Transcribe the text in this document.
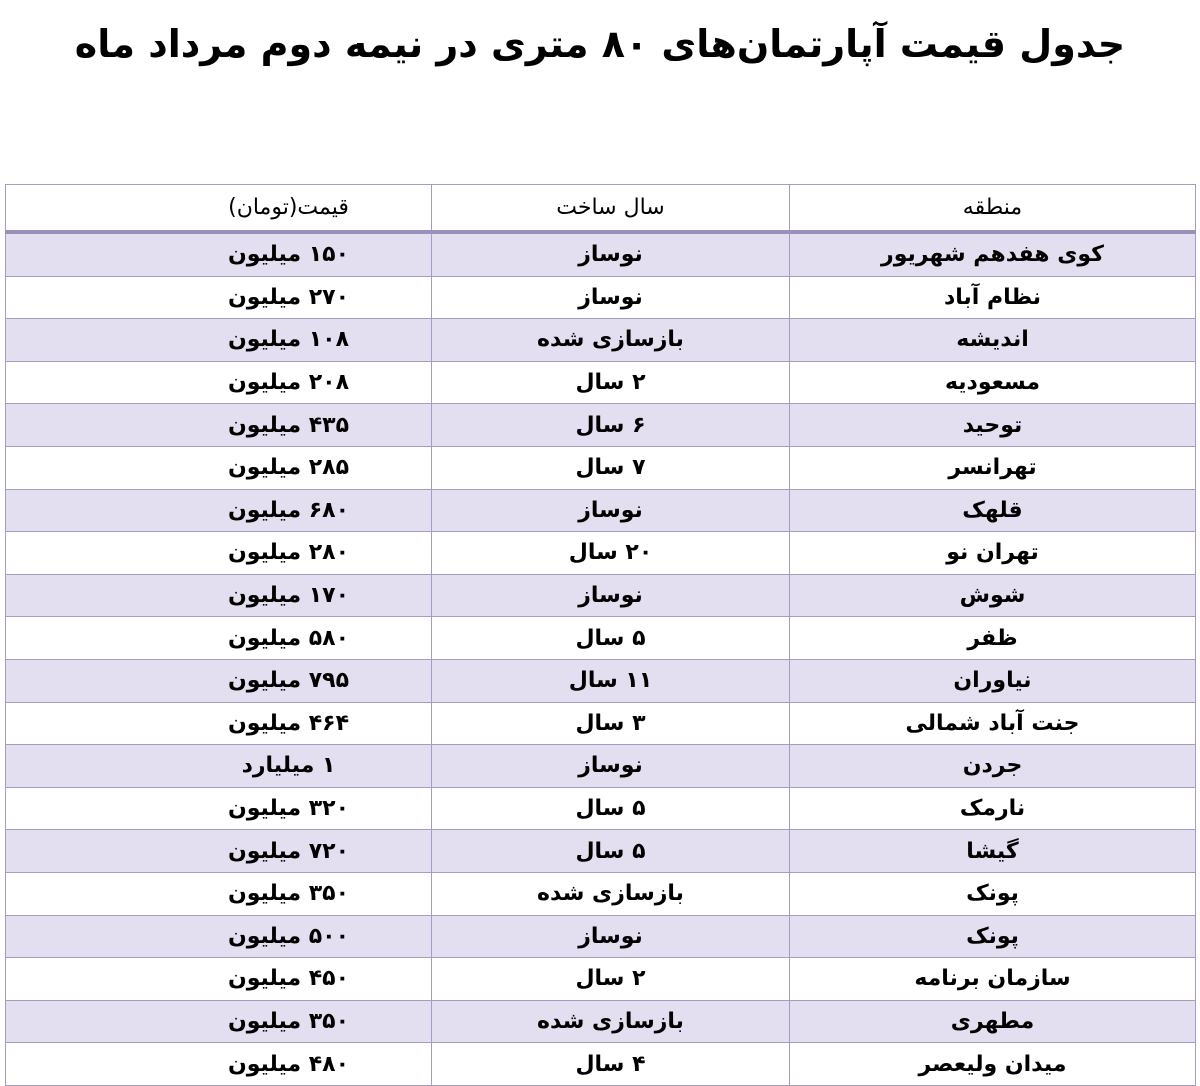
جدول قیمت آپارتمان‌های ۸۰ متری در نیمه دوم مرداد ماه
منطقه	سال ساخت	قیمت(تومان)
کوی هفدهم شهریور	نوساز	۱۵۰ میلیون
نظام آباد	نوساز	۲۷۰ میلیون
اندیشه	بازسازی شده	۱۰۸ میلیون
مسعودیه	۲ سال	۲۰۸ میلیون
توحید	۶ سال	۴۳۵ میلیون
تهرانسر	۷ سال	۲۸۵ میلیون
قلهک	نوساز	۶۸۰ میلیون
تهران نو	۲۰ سال	۲۸۰ میلیون
شوش	نوساز	۱۷۰ میلیون
ظفر	۵ سال	۵۸۰ میلیون
نیاوران	۱۱ سال	۷۹۵ میلیون
جنت آباد شمالی	۳ سال	۴۶۴ میلیون
جردن	نوساز	۱ میلیارد
نارمک	۵ سال	۳۲۰ میلیون
گیشا	۵ سال	۷۲۰ میلیون
پونک	بازسازی شده	۳۵۰ میلیون
پونک	نوساز	۵۰۰ میلیون
سازمان برنامه	۲ سال	۴۵۰ میلیون
مطهری	بازسازی شده	۳۵۰ میلیون
میدان ولیعصر	۴ سال	۴۸۰ میلیون
